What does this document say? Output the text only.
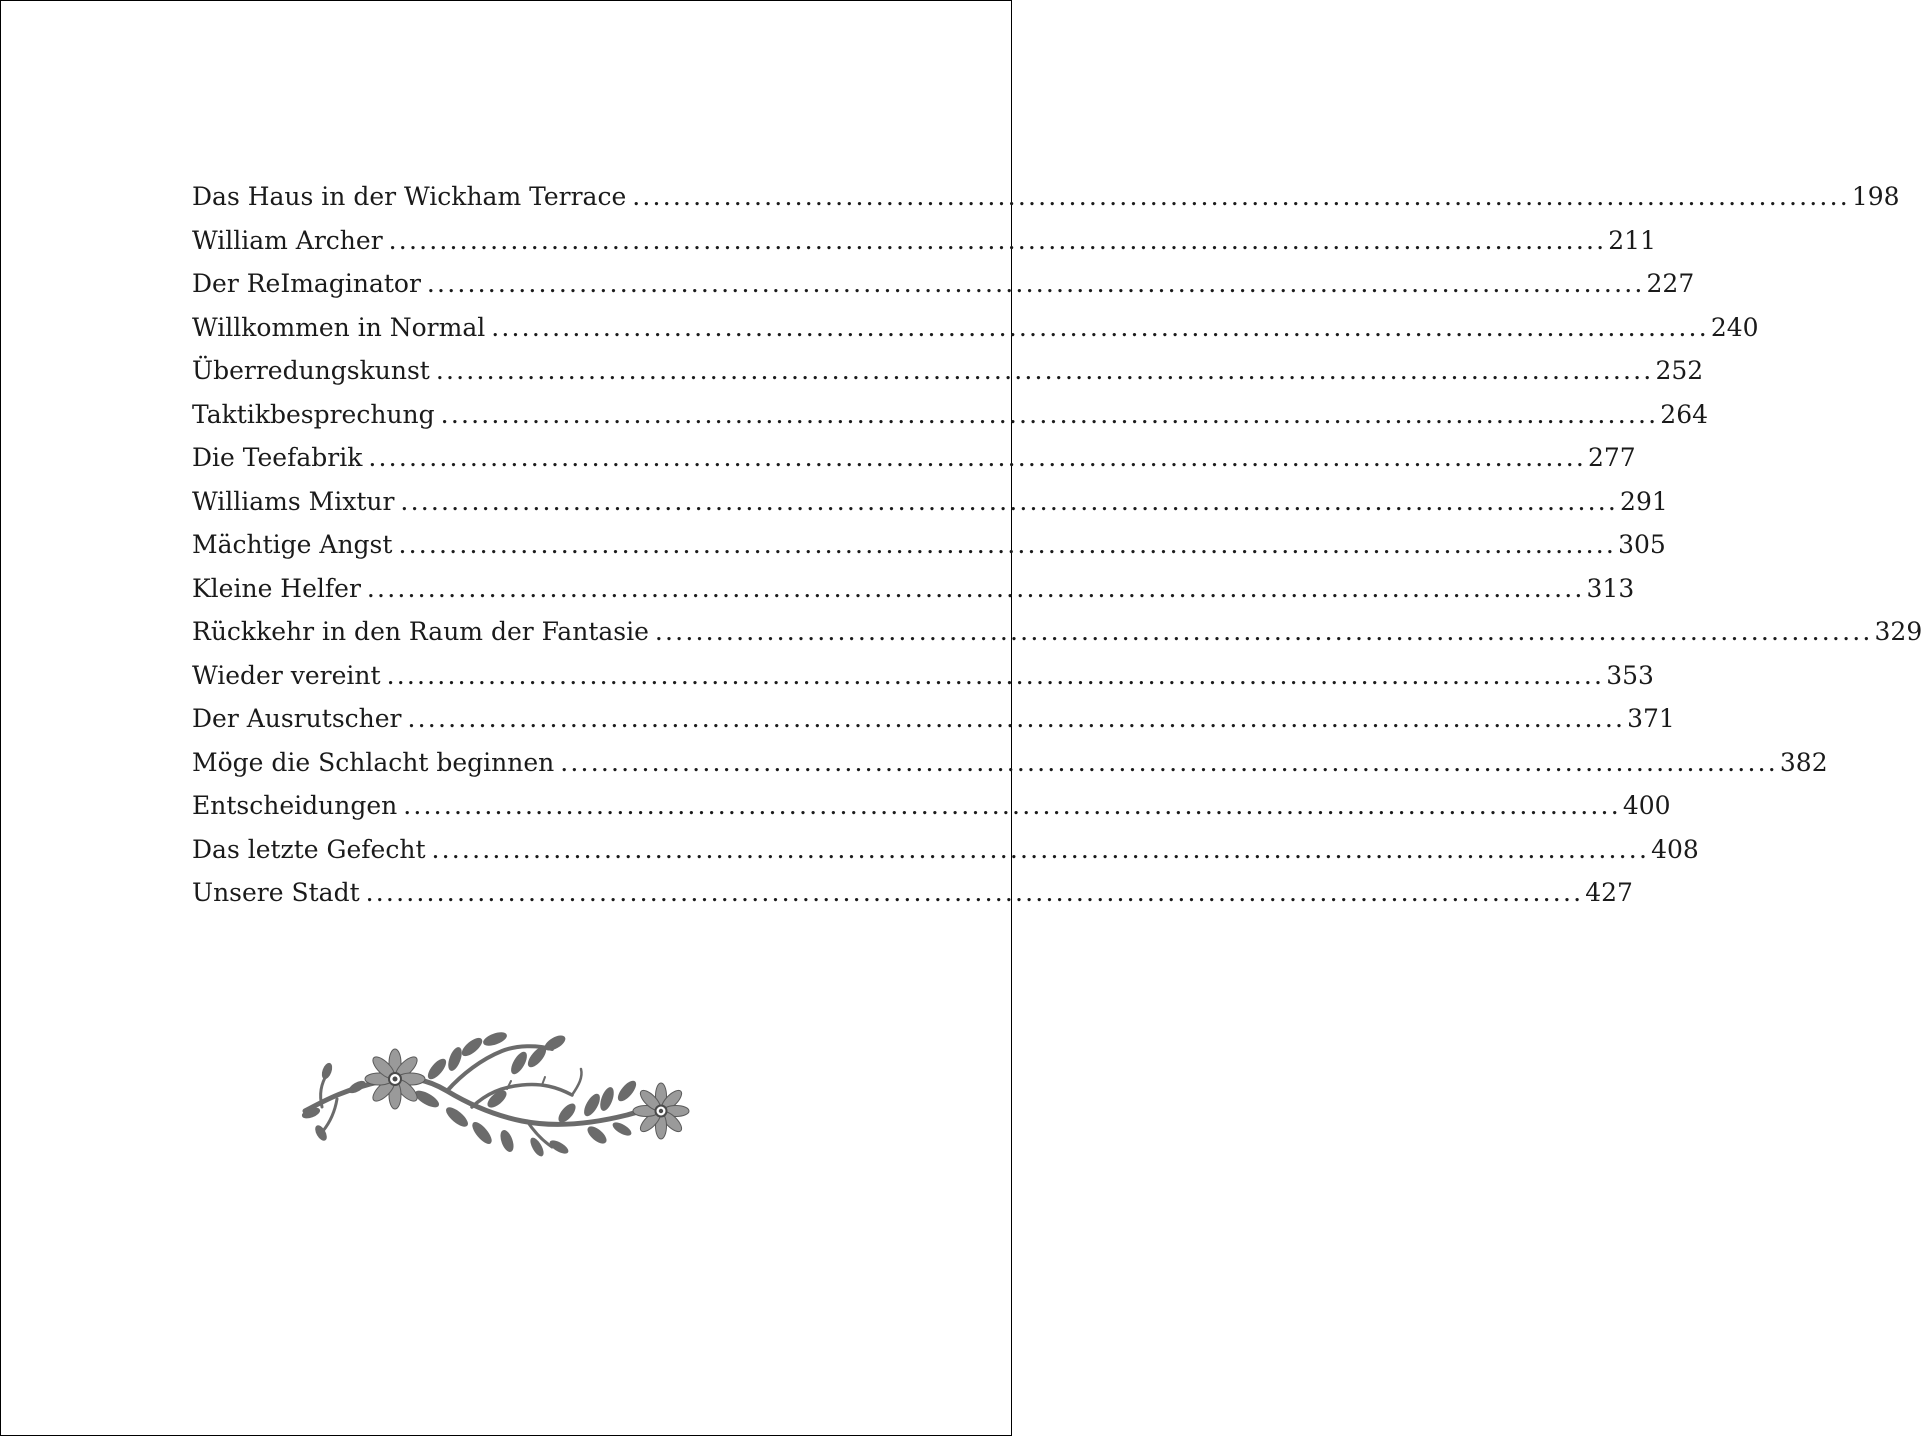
Das Haus in der Wickham Terrace ........................................................................................................................ 198
William Archer ........................................................................................................................ 211
Der ReImaginator ........................................................................................................................ 227
Willkommen in Normal ........................................................................................................................ 240
Überredungskunst ........................................................................................................................ 252
Taktikbesprechung ........................................................................................................................ 264
Die Teefabrik ........................................................................................................................ 277
Williams Mixtur ........................................................................................................................ 291
Mächtige Angst ........................................................................................................................ 305
Kleine Helfer ........................................................................................................................ 313
Rückkehr in den Raum der Fantasie ........................................................................................................................ 329
Wieder vereint ........................................................................................................................ 353
Der Ausrutscher ........................................................................................................................ 371
Möge die Schlacht beginnen ........................................................................................................................ 382
Entscheidungen ........................................................................................................................ 400
Das letzte Gefecht ........................................................................................................................ 408
Unsere Stadt ........................................................................................................................ 427
